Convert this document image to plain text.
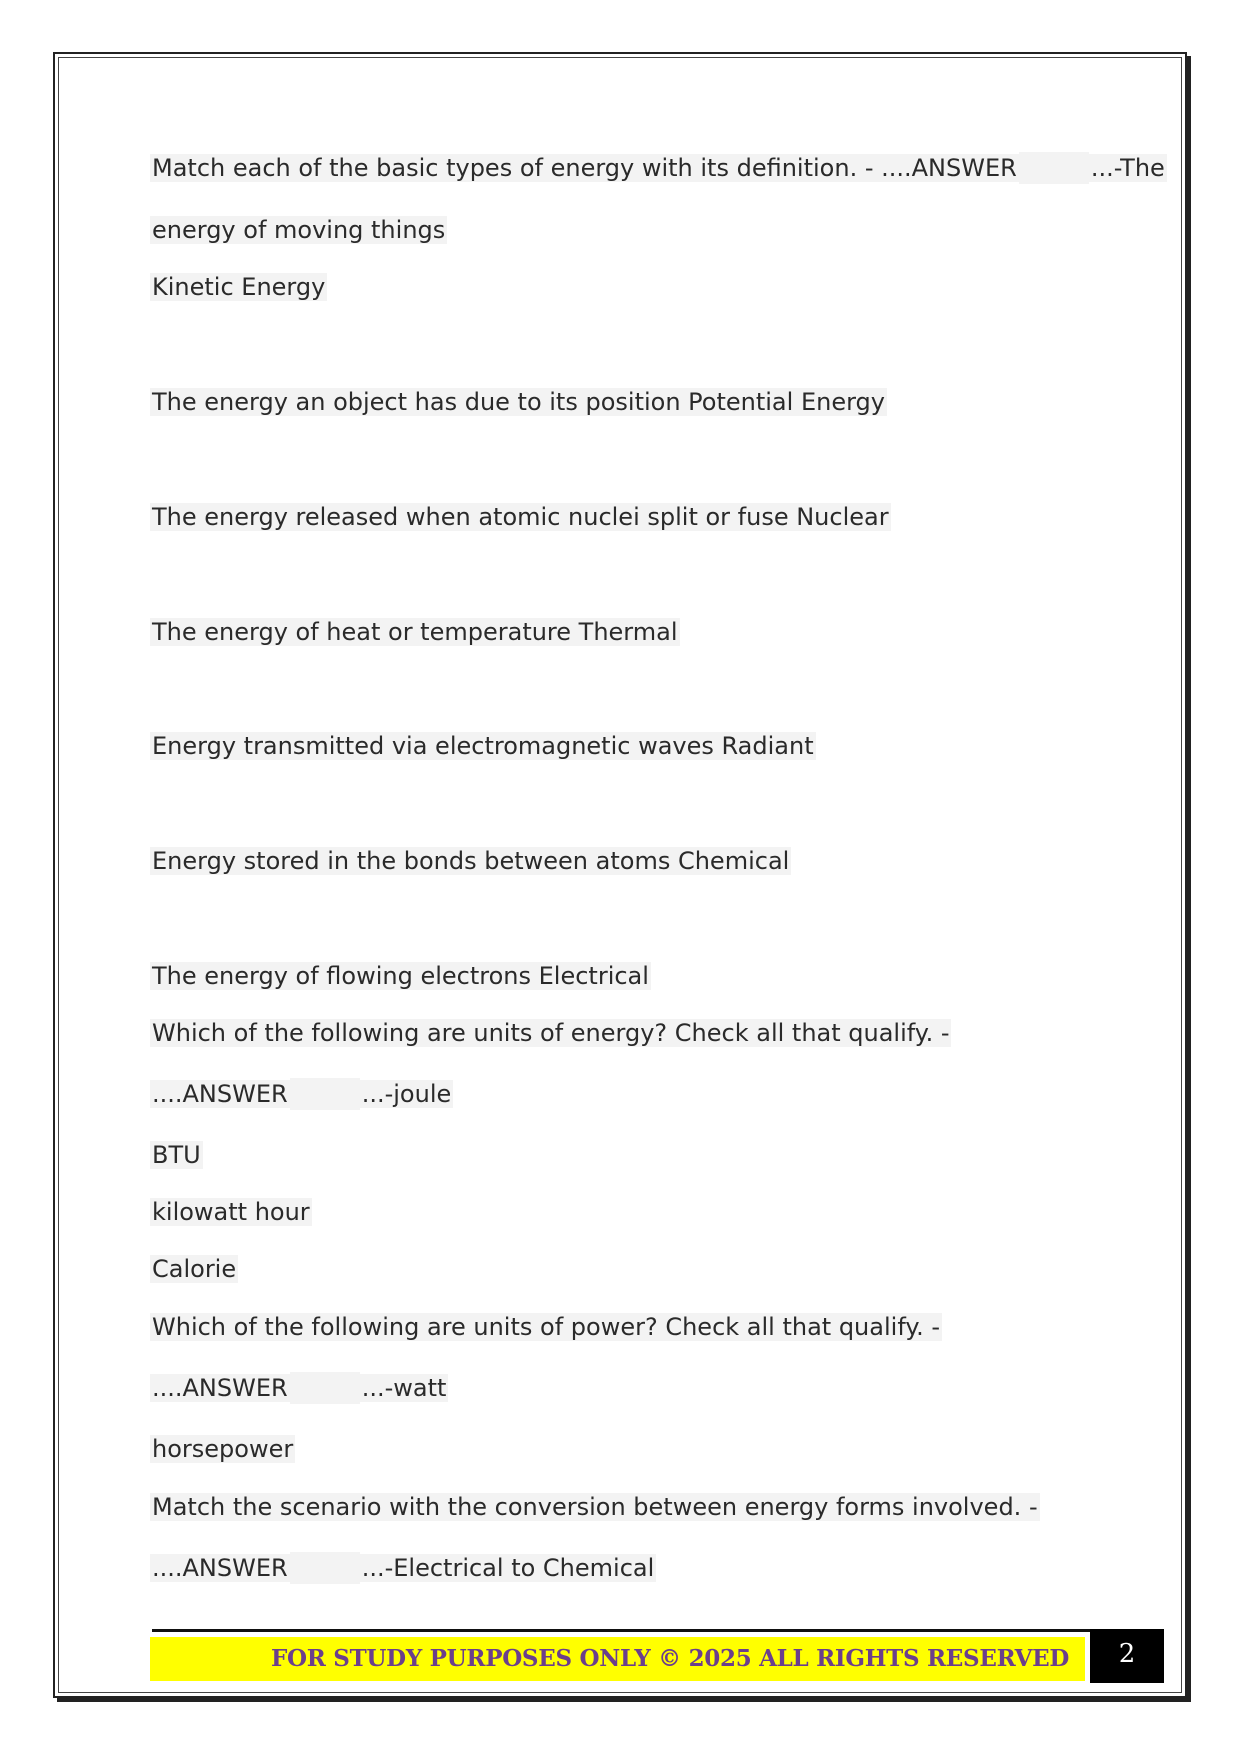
Match each of the basic types of energy with its definition. - ....ANSWER	...-The
energy of moving things
Kinetic Energy
The energy an object has due to its position Potential Energy
The energy released when atomic nuclei split or fuse Nuclear
The energy of heat or temperature Thermal
Energy transmitted via electromagnetic waves Radiant
Energy stored in the bonds between atoms Chemical
The energy of flowing electrons Electrical
Which of the following are units of energy? Check all that qualify. -
....ANSWER	...-joule
BTU
kilowatt hour
Calorie
Which of the following are units of power? Check all that qualify. -
....ANSWER	...-watt
horsepower
Match the scenario with the conversion between energy forms involved. -
....ANSWER	...-Electrical to Chemical
FOR STUDY PURPOSES ONLY © 2025 ALL RIGHTS RESERVED	2
